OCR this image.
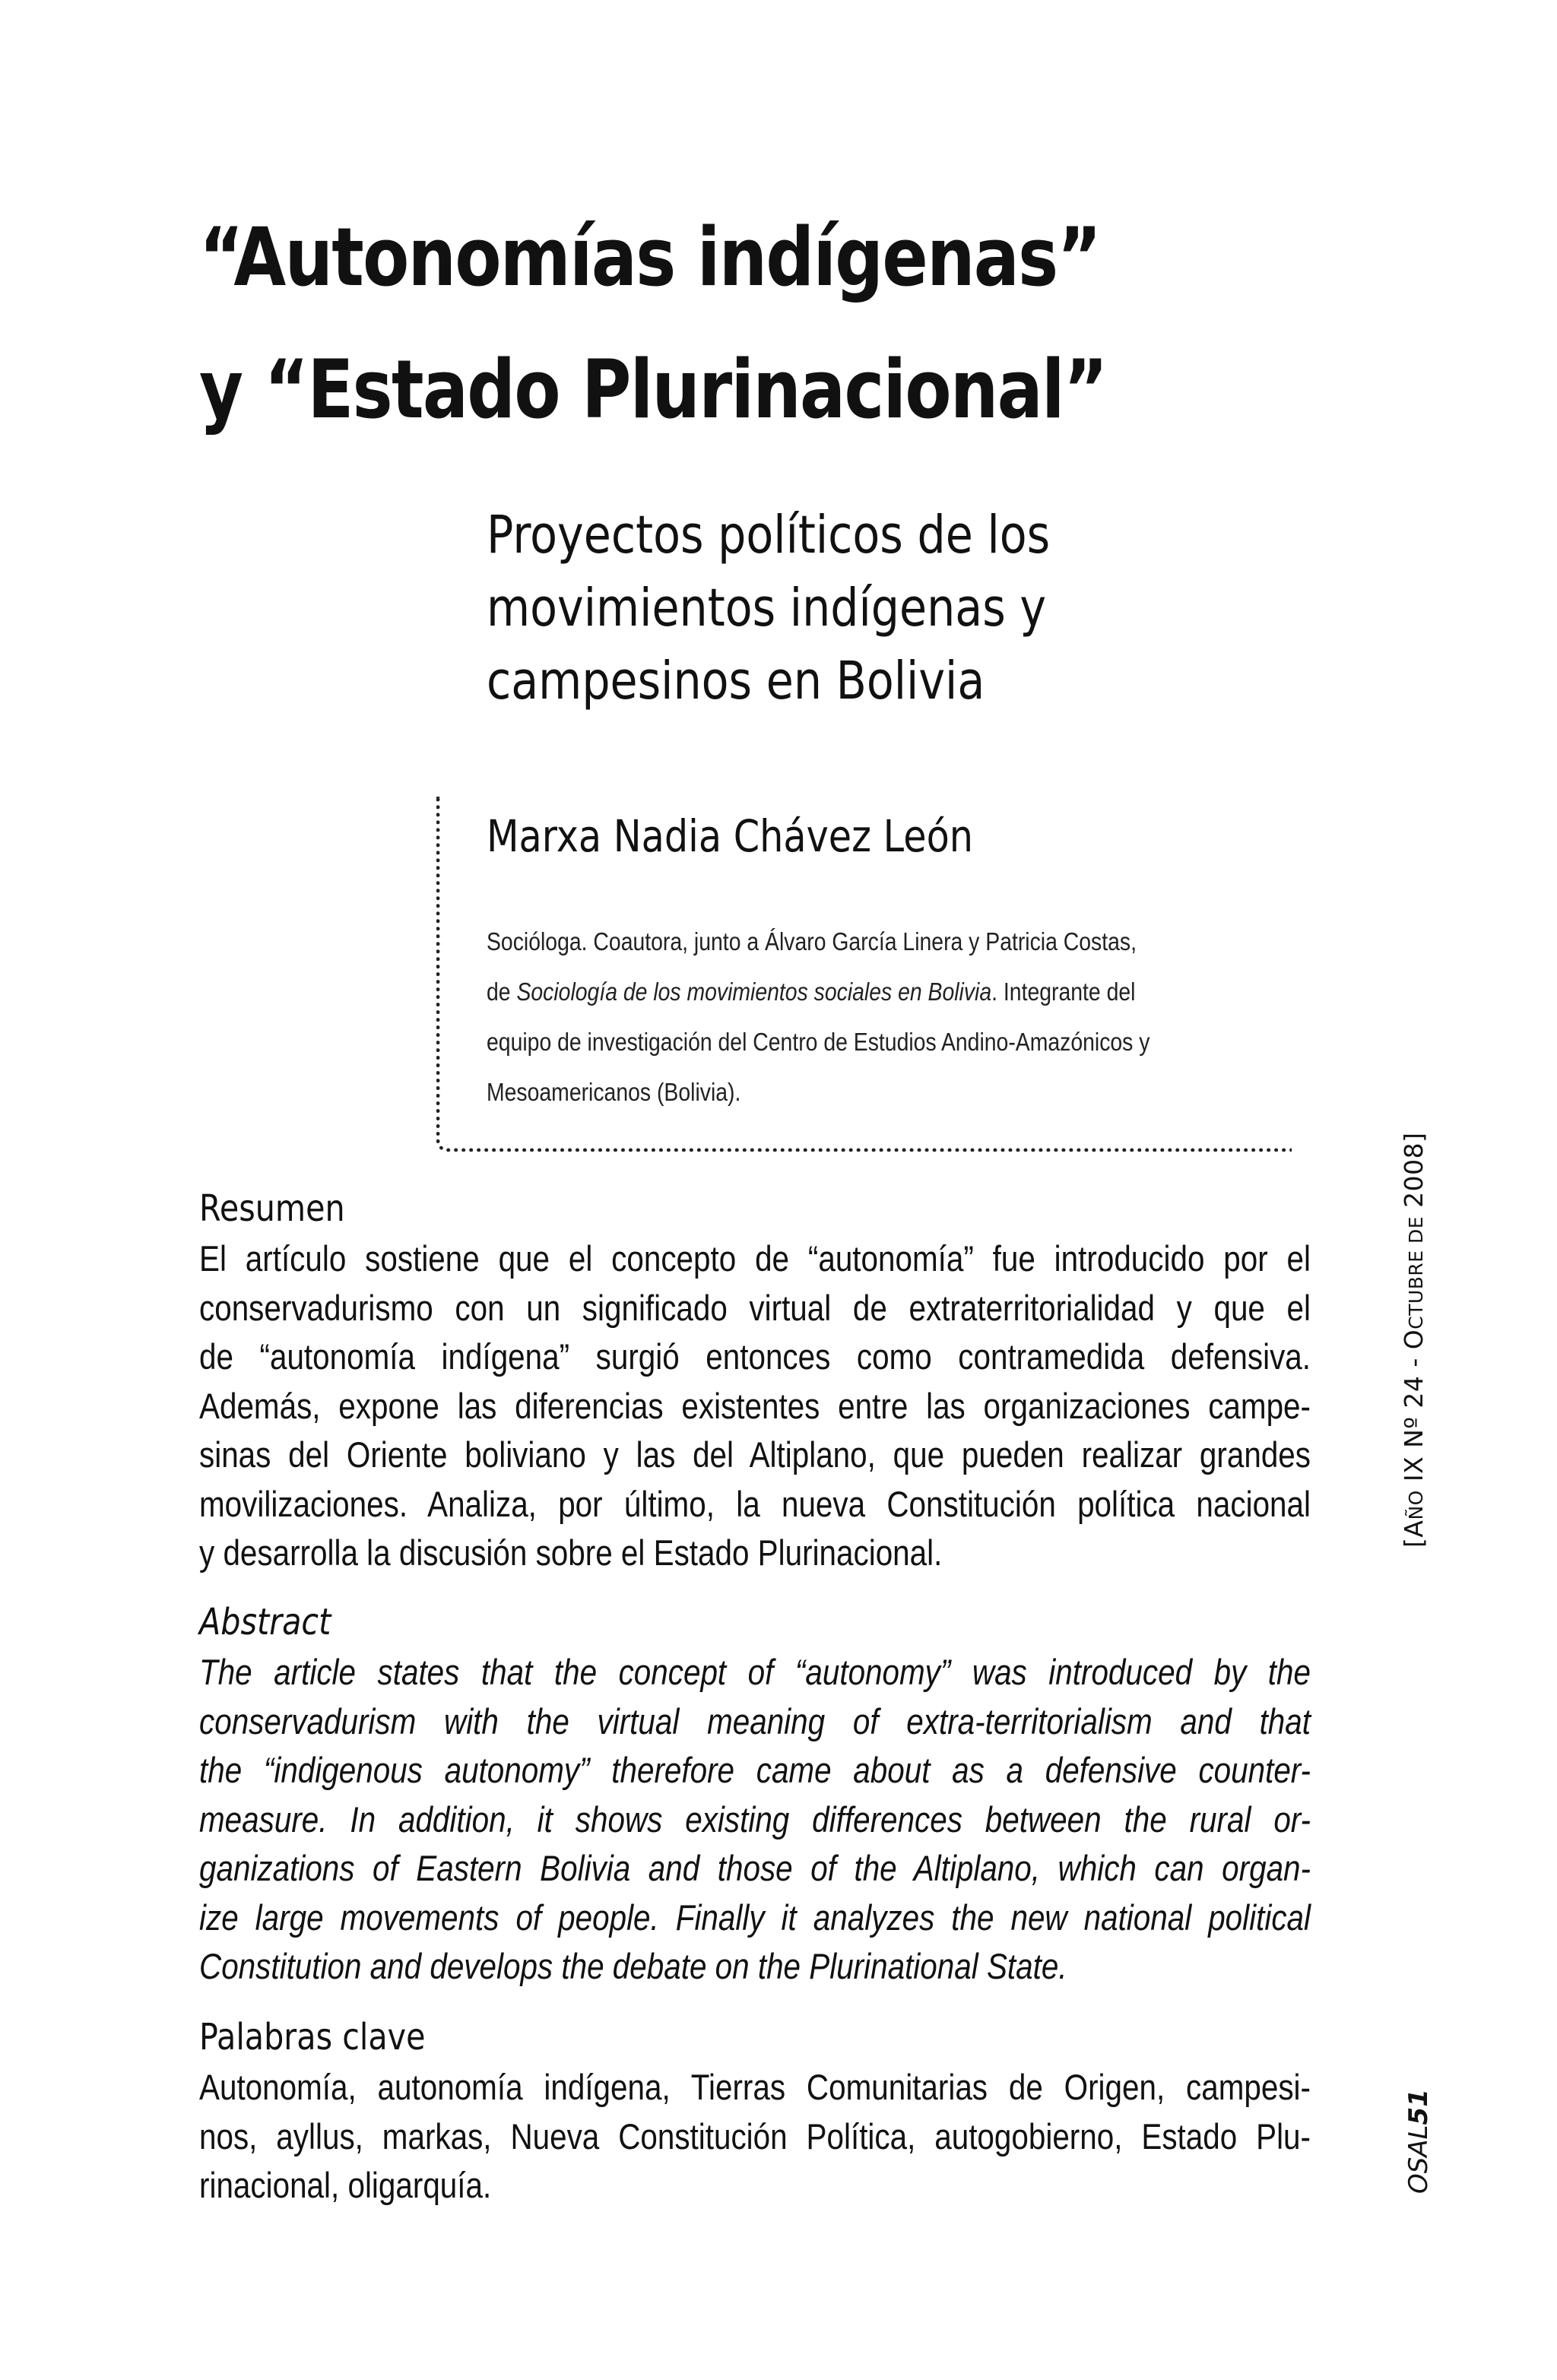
“Autonomías indígenas”
y “Estado Plurinacional”
Proyectos políticos de los
movimientos indígenas y
campesinos en Bolivia
Marxa Nadia Chávez León
Socióloga. Coautora, junto a Álvaro García Linera y Patricia Costas,
de Sociología de los movimientos sociales en Bolivia. Integrante del
equipo de investigación del Centro de Estudios Andino-Amazónicos y
Mesoamericanos (Bolivia).
Resumen
El artículo sostiene que el concepto de “autonomía” fue introducido por el
conservadurismo con un significado virtual de extraterritorialidad y que el
de “autonomía indígena” surgió entonces como contramedida defensiva.
Además, expone las diferencias existentes entre las organizaciones campe-
sinas del Oriente boliviano y las del Altiplano, que pueden realizar grandes
movilizaciones. Analiza, por último, la nueva Constitución política nacional
y desarrolla la discusión sobre el Estado Plurinacional.
Abstract
The article states that the concept of “autonomy” was introduced by the
conservadurism with the virtual meaning of extra-territorialism and that
the “indigenous autonomy” therefore came about as a defensive counter-
measure. In addition, it shows existing differences between the rural or-
ganizations of Eastern Bolivia and those of the Altiplano, which can organ-
ize large movements of people. Finally it analyzes the new national political
Constitution and develops the debate on the Plurinational State.
Palabras clave
Autonomía, autonomía indígena, Tierras Comunitarias de Origen, campesi-
nos, ayllus, markas, Nueva Constitución Política, autogobierno, Estado Plu-
rinacional, oligarquía.
[AÑO IX Nº 24 - OCTUBRE DE 2008]
OSAL51
